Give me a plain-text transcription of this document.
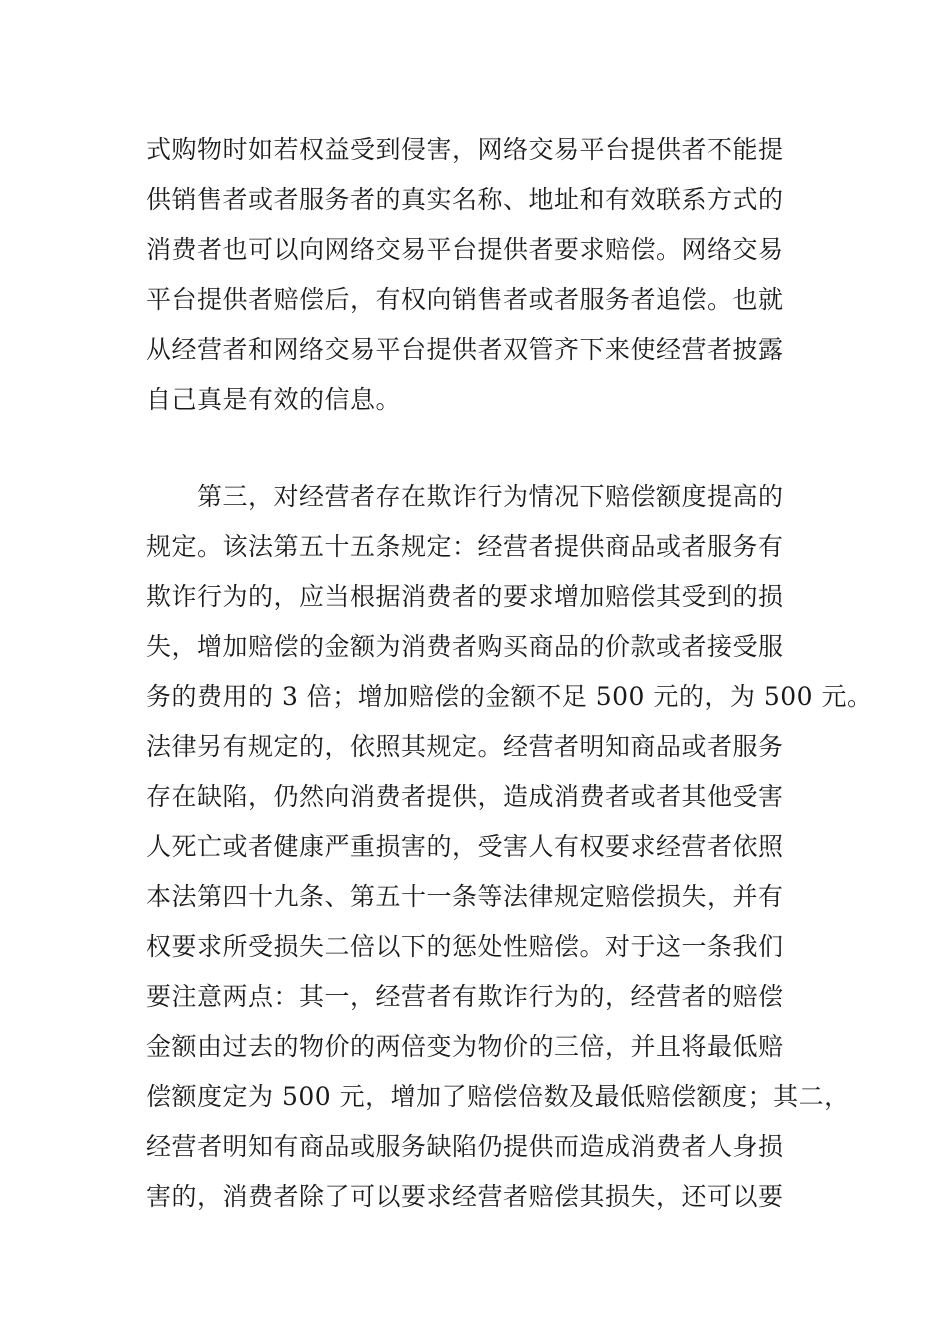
式购物时如若权益受到侵害，网络交易平台提供者不能提
供销售者或者服务者的真实名称、地址和有效联系方式的
消费者也可以向网络交易平台提供者要求赔偿。网络交易
平台提供者赔偿后，有权向销售者或者服务者追偿。也就
从经营者和网络交易平台提供者双管齐下来使经营者披露
自己真是有效的信息。
　　第三，对经营者存在欺诈行为情况下赔偿额度提高的
规定。该法第五十五条规定：经营者提供商品或者服务有
欺诈行为的，应当根据消费者的要求增加赔偿其受到的损
失，增加赔偿的金额为消费者购买商品的价款或者接受服
务的费用的 3 倍；增加赔偿的金额不足 500 元的，为 500 元。
法律另有规定的，依照其规定。经营者明知商品或者服务
存在缺陷，仍然向消费者提供，造成消费者或者其他受害
人死亡或者健康严重损害的，受害人有权要求经营者依照
本法第四十九条、第五十一条等法律规定赔偿损失，并有
权要求所受损失二倍以下的惩处性赔偿。对于这一条我们
要注意两点：其一，经营者有欺诈行为的，经营者的赔偿
金额由过去的物价的两倍变为物价的三倍，并且将最低赔
偿额度定为 500 元，增加了赔偿倍数及最低赔偿额度；其二，
经营者明知有商品或服务缺陷仍提供而造成消费者人身损
害的，消费者除了可以要求经营者赔偿其损失，还可以要
